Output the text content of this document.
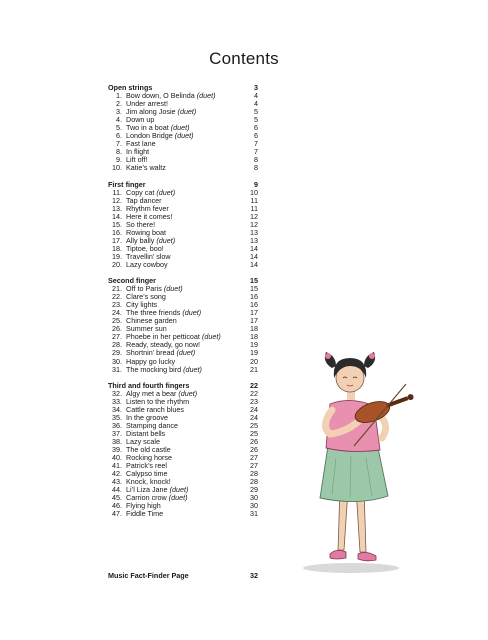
Contents
Open strings	3
1. Bow down, O Belinda (duet)	4
2. Under arrest!	4
3. Jim along Josie (duet)	5
4. Down up	5
5. Two in a boat (duet)	6
6. London Bridge (duet)	6
7. Fast lane	7
8. In flight	7
9. Lift off!	8
10. Katie’s waltz	8
First finger	9
11. Copy cat (duet)	10
12. Tap dancer	11
13. Rhythm fever	11
14. Here it comes!	12
15. So there!	12
16. Rowing boat	13
17. Ally bally (duet)	13
18. Tiptoe, boo!	14
19. Travellin’ slow	14
20. Lazy cowboy	14
Second finger	15
21. Off to Paris (duet)	15
22. Clare’s song	16
23. City lights	16
24. The three friends (duet)	17
25. Chinese garden	17
26. Summer sun	18
27. Phoebe in her petticoat (duet)	18
28. Ready, steady, go now!	19
29. Shortnin’ bread (duet)	19
30. Happy go lucky	20
31. The mocking bird (duet)	21
Third and fourth fingers	22
32. Algy met a bear (duet)	22
33. Listen to the rhythm	23
34. Cattle ranch blues	24
35. In the groove	24
36. Stamping dance	25
37. Distant bells	25
38. Lazy scale	26
39. The old castle	26
40. Rocking horse	27
41. Patrick’s reel	27
42. Calypso time	28
43. Knock, knock!	28
44. Li’l Liza Jane (duet)	29
45. Carrion crow (duet)	30
46. Flying high	30
47. Fiddle Time	31
Music Fact-Finder Page	32
